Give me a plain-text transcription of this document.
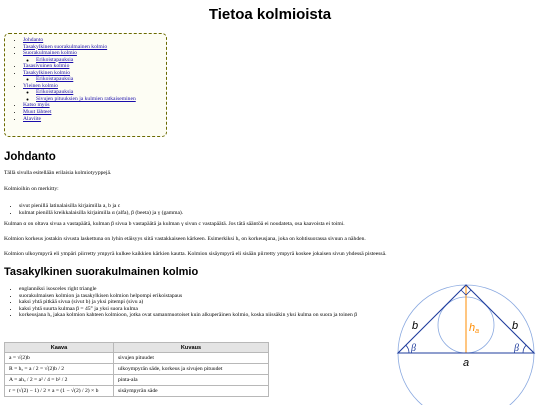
Tietoa kolmioista
• Johdanto
• Tasakylkinen suorakulmainen kolmio
• Suorakulmainen kolmio
◦ Erikoistapauksia
• Tasasivuinen kolmio
• Tasakylkinen kolmio
◦ Erikoistapauksia
• Yleinen kolmio
◦ Erikoistapauksia
◦ Sivujen pituuksien ja kulmien ratkaiseminen
• Katso myös
• Muut lähteet
• Alaviite
Johdanto

Tällä sivulla esitellään erilaisia kolmiotyyppejä.

Kolmioihin on merkitty:

• sivut pienillä latinalaisilla kirjaimilla a, b ja c
• kulmat pienillä kreikkalaisilla kirjaimilla α (alfa), β (beeta) ja γ (gamma).

Kulman α on oltava sivua a vastapäätä, kulman β sivua b vastapäätä ja kulman γ sivun c vastapäätä. Jos tätä sääntöä ei noudateta, osa kaavoista ei toimi.

Kolmion korkeus jostakin sivusta laskettuna on lyhin etäisyys siitä vastakkaiseen kärkeen. Esimerkiksi hₐ on korkeusjana, joka on kohtisuorassa sivuun a nähden.

Kolmion ulkoympyrä eli ympäri piirretty ympyrä kulkee kaikkien kärkien kautta. Kolmion sisäympyrä eli sisään piirretty ympyrä koskee jokaisen sivun yhdessä pisteessä.

Tasakylkinen suorakulmainen kolmio
• englanniksi isosceles right triangle
• suorakulmaisen kolmion ja tasakylkisen kolmion helpompi erikoistapaus
• kaksi yhtä pitkää sivua (sivut b) ja yksi pitempi (sivu a)
• kaksi yhtä suurta kulmaa β = 45° ja yksi suora kulma
• korkeusjana hₐ jakaa kolmion kahteen kolmioon, jotka ovat samanmuotoiset kuin alkuperäinen kolmio, koska niissäkin yksi kulma on suora ja toinen β
Kaava	Kuvaus
a = √(2)b	sivujen pituudet
R = hₐ = a / 2 = √(2)b / 2	ulkoympyrän säde, korkeus ja sivujen pituudet
A = ahₐ / 2 = a² / 4 = b² / 2	pinta-ala
r = (√(2) − 1) / 2 × a = (1 − √(2) / 2) × b	sisäympyrän säde
b	b
a
ha
β	β
